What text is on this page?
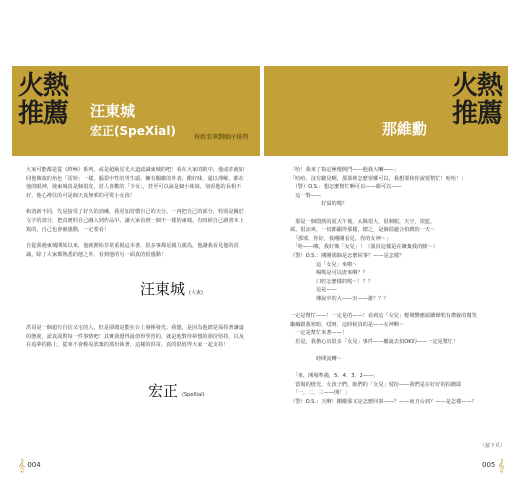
火熱
推薦 汪東城
宏正(SpeXial)	按姓名筆劃順序排列	那維勳
火熱
推薦

大家可能都是從《終極》系列，或是超級星光大道認識東城的吧！看在大家的眼中，他或許就如同他飾演的角色「雷婷」一樣，腦袋中性的男生頭，擁有鵝臉的外表；酷好味，還以理解，都在他的眼神，使東城真是個俏皮，討人喜歡的「少女」，甚至可以說是個小妹妹，別看他的長相不好，他心裡住的可是個天真無邪的可愛小女孩！

和清新不同，先是接受了好久的訓練，我更加習慣自己的天分。一再把自己的部分，特別是關於文字的部分，把真實的自己融入到作品中，讓大家看到一個不一樣的東城。有時候自己讀書本上寫的，自己也會被感動，一定要看！

自從我遇東城開始以來，他就開始非常重視這本書，很多事都是親力親為，他讓我看見他的真誠，除了大家都熟悉的他之外，看到他的另一面真的很感動！

汪東城 (大東)

洪哥是一個超有自信又宅的人，但是卻總是能在台上發揮發光。我想，是因為他總是保持著謙虛的態度，認真面對每一件事情吧！其實我覺得最值得學習的，就是他對待夢想的那份堅持，以及在追夢的路上，從來不會輕易放棄的那份執著，這樣的洪哥，真的很值得大家一起支持！

宏正 (SpeXial)
𝄞 004
「哈！我來了指定極慢開門——他我大喇——」
「哈哈，沒有聽見啊，那那裡怎麼要哪可以，我想要和你說要幫忙！哈哈！」
　（警）O.S.：想怎麼幫忙啊可以——都可以——
　這一對——
　　　　　　好囧的嗎？
　那是一個悶熱的夏天午後，太陽很大，很刺眼，天空，很藍，
風，很涼爽，一切都顯得那樣，總之，是個很適合拍戲的一天～
　「那邪，你好，我剛剛看見，你的女神～」
　「哈——嗨，我好像「女兒」！（演員這樣是在嫌棄我的臉～）
（警）O.S.：剛剛那個是怎麼回事？——是怎樣？
　　　　　這「女兒」來啦～
　　　　　喝嗎是可以唐來啊？？
　　　　　口腔怎麼樣的呢～！？？
　　　　　這是——
　　　　　傳說中的大——害——誰？？？
一定是幫忙——！一定是的——！看到這「女兒」輕聲響應頭嬌聲唱有禮貌的微笑
繼續跟我寒暄，哎呀，這時候真的是——女神啊～
　一定是幫忙來著——！
　於是，我擔心出很多「女兒」事件——聽說去拍OK的——一定是幫忙！
　　　　　時間流轉～
　「來，開場準備，5、4、3、2——」
　當場的燈光，女孩子們，她們的「女兒」裝扮——我們是在好好的拍戲耶
　「一，二，三——開！」
（警）O.S.：天啊！剛剛那又是怎麼回事——？——而且台詞？——是怎樣——？
（接下頁）
005 𝄞
